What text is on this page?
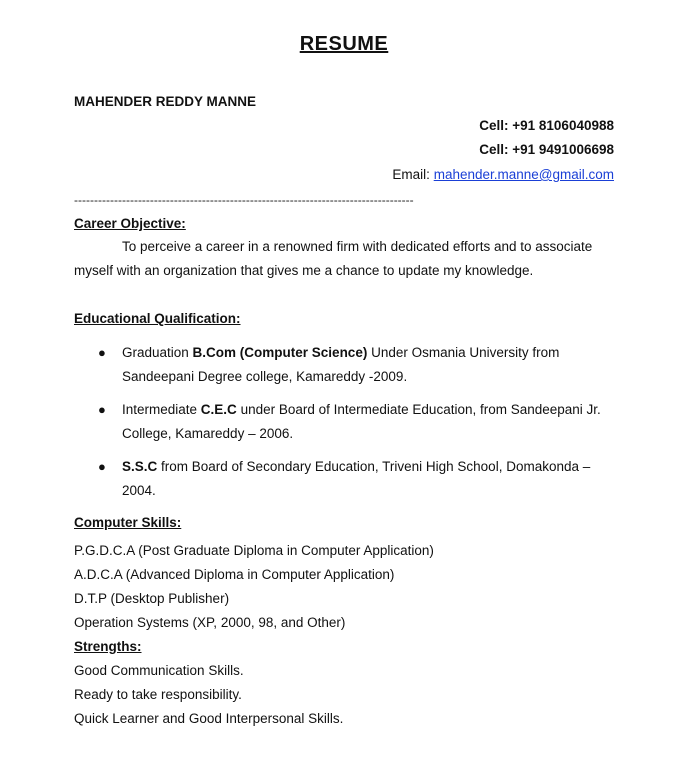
RESUME
MAHENDER REDDY MANNE
Cell: +91 8106040988
Cell: +91 9491006698
Email: mahender.manne@gmail.com
-------------------------------------------------------------------------------------
Career Objective:
To perceive a career in a renowned firm with dedicated efforts and to associate myself with an organization that gives me a chance to update my knowledge.
Educational Qualification:
● Graduation B.Com (Computer Science) Under Osmania University from Sandeepani Degree college, Kamareddy -2009.
● Intermediate C.E.C under Board of Intermediate Education, from Sandeepani Jr. College, Kamareddy – 2006.
● S.S.C from Board of Secondary Education, Triveni High School, Domakonda – 2004.
Computer Skills:
P.G.D.C.A (Post Graduate Diploma in Computer Application)
A.D.C.A (Advanced Diploma in Computer Application)
D.T.P (Desktop Publisher)
Operation Systems (XP, 2000, 98, and Other)
Strengths:
Good Communication Skills.
Ready to take responsibility.
Quick Learner and Good Interpersonal Skills.
